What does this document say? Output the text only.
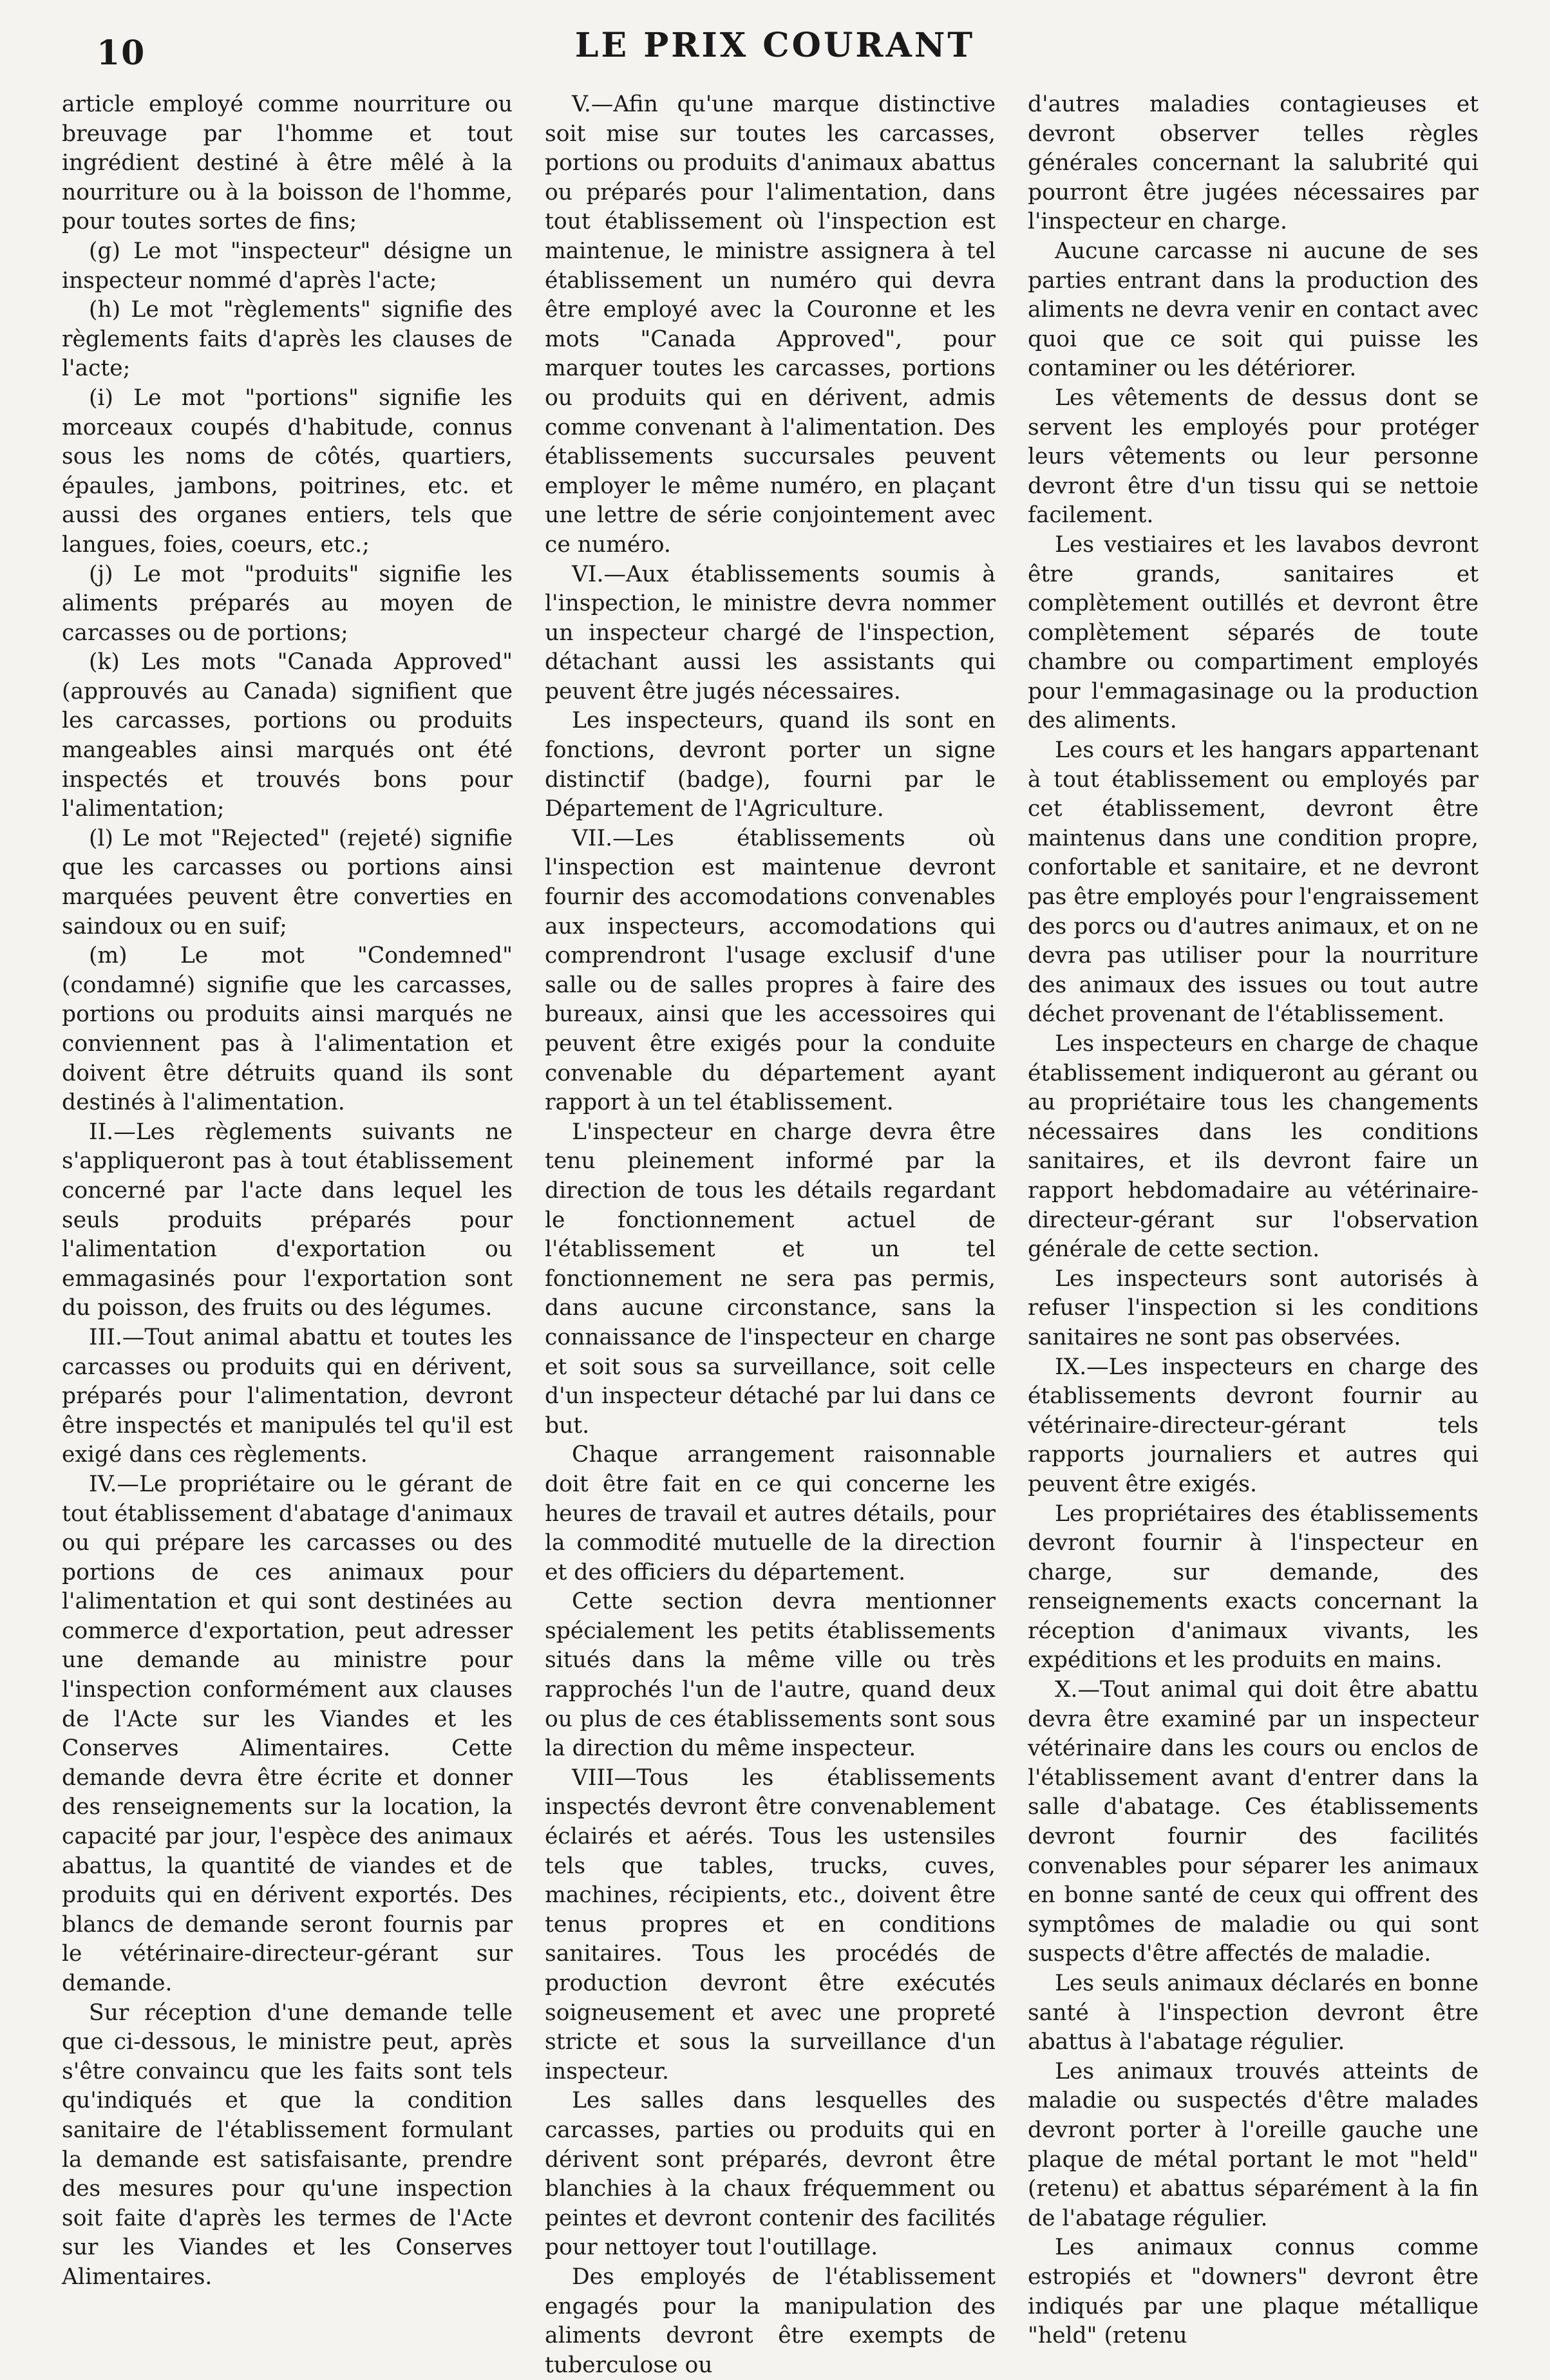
10	LE PRIX COURANT

article employé comme nourriture ou breuvage par l'homme et tout ingrédient destiné à être mêlé à la nourriture ou à la boisson de l'homme, pour toutes sortes de fins;

(g) Le mot "inspecteur" désigne un inspecteur nommé d'après l'acte;

(h) Le mot "règlements" signifie des règlements faits d'après les clauses de l'acte;

(i) Le mot "portions" signifie les morceaux coupés d'habitude, connus sous les noms de côtés, quartiers, épaules, jambons, poitrines, etc. et aussi des organes entiers, tels que langues, foies, coeurs, etc.;

(j) Le mot "produits" signifie les aliments préparés au moyen de carcasses ou de portions;

(k) Les mots "Canada Approved" (approuvés au Canada) signifient que les carcasses, portions ou produits mangeables ainsi marqués ont été inspectés et trouvés bons pour l'alimentation;

(l) Le mot "Rejected" (rejeté) signifie que les carcasses ou portions ainsi marquées peuvent être converties en saindoux ou en suif;

(m) Le mot "Condemned" (condamné) signifie que les carcasses, portions ou produits ainsi marqués ne conviennent pas à l'alimentation et doivent être détruits quand ils sont destinés à l'alimentation.

II.—Les règlements suivants ne s'appliqueront pas à tout établissement concerné par l'acte dans lequel les seuls produits préparés pour l'alimentation d'exportation ou emmagasinés pour l'exportation sont du poisson, des fruits ou des légumes.

III.—Tout animal abattu et toutes les carcasses ou produits qui en dérivent, préparés pour l'alimentation, devront être inspectés et manipulés tel qu'il est exigé dans ces règlements.

IV.—Le propriétaire ou le gérant de tout établissement d'abatage d'animaux ou qui prépare les carcasses ou des portions de ces animaux pour l'alimentation et qui sont destinées au commerce d'exportation, peut adresser une demande au ministre pour l'inspection conformément aux clauses de l'Acte sur les Viandes et les Conserves Alimentaires. Cette demande devra être écrite et donner des renseignements sur la location, la capacité par jour, l'espèce des animaux abattus, la quantité de viandes et de produits qui en dérivent exportés. Des blancs de demande seront fournis par le vétérinaire-directeur-gérant sur demande.

Sur réception d'une demande telle que ci-dessous, le ministre peut, après s'être convaincu que les faits sont tels qu'indiqués et que la condition sanitaire de l'établissement formulant la demande est satisfaisante, prendre des mesures pour qu'une inspection soit faite d'après les termes de l'Acte sur les Viandes et les Conserves Alimentaires.

V.—Afin qu'une marque distinctive soit mise sur toutes les carcasses, portions ou produits d'animaux abattus ou préparés pour l'alimentation, dans tout établissement où l'inspection est maintenue, le ministre assignera à tel établissement un numéro qui devra être employé avec la Couronne et les mots "Canada Approved", pour marquer toutes les carcasses, portions ou produits qui en dérivent, admis comme convenant à l'alimentation. Des établissements succursales peuvent employer le même numéro, en plaçant une lettre de série conjointement avec ce numéro.

VI.—Aux établissements soumis à l'inspection, le ministre devra nommer un inspecteur chargé de l'inspection, détachant aussi les assistants qui peuvent être jugés nécessaires.

Les inspecteurs, quand ils sont en fonctions, devront porter un signe distinctif (badge), fourni par le Département de l'Agriculture.

VII.—Les établissements où l'inspection est maintenue devront fournir des accomodations convenables aux inspecteurs, accomodations qui comprendront l'usage exclusif d'une salle ou de salles propres à faire des bureaux, ainsi que les accessoires qui peuvent être exigés pour la conduite convenable du département ayant rapport à un tel établissement.

L'inspecteur en charge devra être tenu pleinement informé par la direction de tous les détails regardant le fonctionnement actuel de l'établissement et un tel fonctionnement ne sera pas permis, dans aucune circonstance, sans la connaissance de l'inspecteur en charge et soit sous sa surveillance, soit celle d'un inspecteur détaché par lui dans ce but.

Chaque arrangement raisonnable doit être fait en ce qui concerne les heures de travail et autres détails, pour la commodité mutuelle de la direction et des officiers du département.

Cette section devra mentionner spécialement les petits établissements situés dans la même ville ou très rapprochés l'un de l'autre, quand deux ou plus de ces établissements sont sous la direction du même inspecteur.

VIII—Tous les établissements inspectés devront être convenablement éclairés et aérés. Tous les ustensiles tels que tables, trucks, cuves, machines, récipients, etc., doivent être tenus propres et en conditions sanitaires. Tous les procédés de production devront être exécutés soigneusement et avec une propreté stricte et sous la surveillance d'un inspecteur.

Les salles dans lesquelles des carcasses, parties ou produits qui en dérivent sont préparés, devront être blanchies à la chaux fréquemment ou peintes et devront contenir des facilités pour nettoyer tout l'outillage.

Des employés de l'établissement engagés pour la manipulation des aliments devront être exempts de tuberculose ou

d'autres maladies contagieuses et devront observer telles règles générales concernant la salubrité qui pourront être jugées nécessaires par l'inspecteur en charge.

Aucune carcasse ni aucune de ses parties entrant dans la production des aliments ne devra venir en contact avec quoi que ce soit qui puisse les contaminer ou les détériorer.

Les vêtements de dessus dont se servent les employés pour protéger leurs vêtements ou leur personne devront être d'un tissu qui se nettoie facilement.

Les vestiaires et les lavabos devront être grands, sanitaires et complètement outillés et devront être complètement séparés de toute chambre ou compartiment employés pour l'emmagasinage ou la production des aliments.

Les cours et les hangars appartenant à tout établissement ou employés par cet établissement, devront être maintenus dans une condition propre, confortable et sanitaire, et ne devront pas être employés pour l'engraissement des porcs ou d'autres animaux, et on ne devra pas utiliser pour la nourriture des animaux des issues ou tout autre déchet provenant de l'établissement.

Les inspecteurs en charge de chaque établissement indiqueront au gérant ou au propriétaire tous les changements nécessaires dans les conditions sanitaires, et ils devront faire un rapport hebdomadaire au vétérinaire-directeur-gérant sur l'observation générale de cette section.

Les inspecteurs sont autorisés à refuser l'inspection si les conditions sanitaires ne sont pas observées.

IX.—Les inspecteurs en charge des établissements devront fournir au vétérinaire-directeur-gérant tels rapports journaliers et autres qui peuvent être exigés.

Les propriétaires des établissements devront fournir à l'inspecteur en charge, sur demande, des renseignements exacts concernant la réception d'animaux vivants, les expéditions et les produits en mains.

X.—Tout animal qui doit être abattu devra être examiné par un inspecteur vétérinaire dans les cours ou enclos de l'établissement avant d'entrer dans la salle d'abatage. Ces établissements devront fournir des facilités convenables pour séparer les animaux en bonne santé de ceux qui offrent des symptômes de maladie ou qui sont suspects d'être affectés de maladie.

Les seuls animaux déclarés en bonne santé à l'inspection devront être abattus à l'abatage régulier.

Les animaux trouvés atteints de maladie ou suspectés d'être malades devront porter à l'oreille gauche une plaque de métal portant le mot "held" (retenu) et abattus séparément à la fin de l'abatage régulier.

Les animaux connus comme estropiés et "downers" devront être indiqués par une plaque métallique "held" (retenu
